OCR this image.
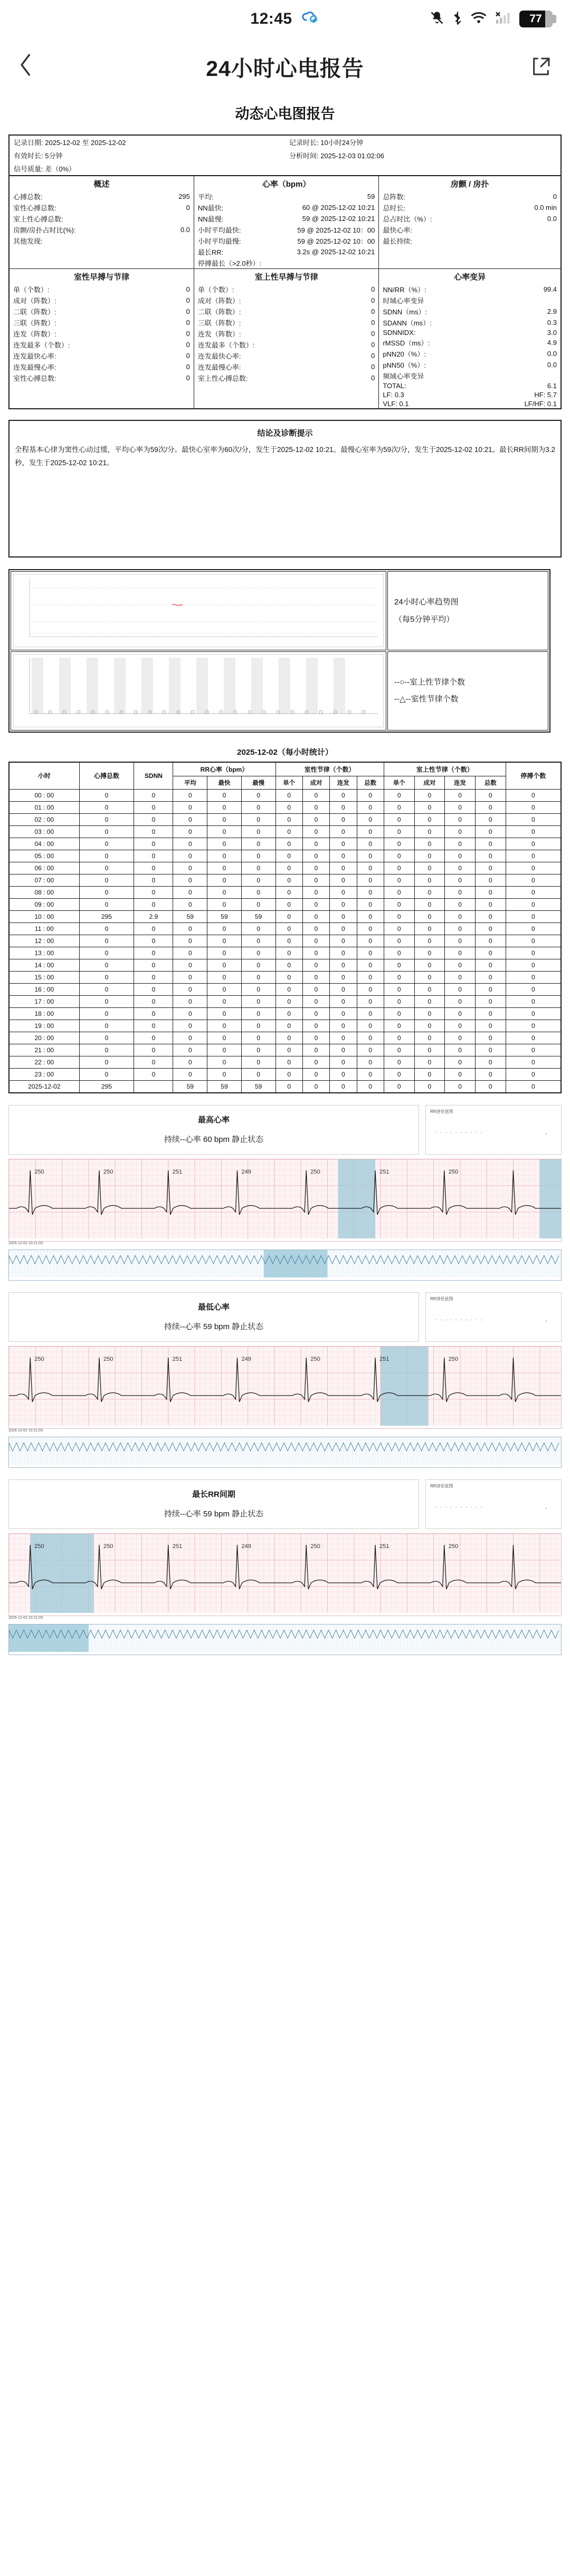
12:45	77
24小时心电报告
动态心电图报告
记录日期: 2025-12-02 至 2025-12-02	记录时长: 10小时24分钟
有效时长: 5分钟	分析时间: 2025-12-03 01:02:06
信号质量: 差（0%）	
概述
心搏总数:	295
室性心搏总数:	0
室上性心搏总数:	
房颤/房扑占时比(%):	0.0
其他发现:	

心率（bpm）
平均:	59
NN最快:	60 @ 2025-12-02 10:21
NN最慢:	59 @ 2025-12-02 10:21
小时平均最快:	59 @ 2025-12-02 10：00
小时平均最慢:	59 @ 2025-12-02 10：00
最长RR:	3.2s @ 2025-12-02 10:21
停搏最长（>2.0秒）:	

房颤 / 房扑
总阵数:	0
总时长:	0.0 min
总占时比（%）:	0.0
最快心率:	
最长持续:	

室性早搏与节律
单（个数）:	0
成对（阵数）:	0
二联（阵数）:	0
三联（阵数）:	0
连发（阵数）:	0
连发最多（个数）:	0
连发最快心率:	0
连发最慢心率:	0
室性心搏总数:	0

室上性早搏与节律
单（个数）:	0
成对（阵数）:	0
二联（阵数）:	0
三联（阵数）:	0
连发（阵数）:	0
连发最多（个数）:	0
连发最快心率:	0
连发最慢心率:	0
室上性心搏总数:	0

心率变异
NN/RR（%）:	99.4
时域心率变异	
SDNN（ms）:	2.9
SDANN（ms）:	0.3
SDNNIDX:	3.0
rMSSD（ms）:	4.9
pNN20（%）:	0.0
pNN50（%）:	0.0
频域心率变异	
TOTAL:	6.1
LF: 0.3	HF: 5.7
VLF: 0.1	LF/HF: 0.1
结论及诊断提示
全程基本心律为窦性心动过缓，平均心率为59次/分。最快心室率为60次/分，发生于2025-12-02 10:21。最慢心室率为59次/分，发生于2025-12-02 10:21。最长RR间期为3.2秒，发生于2025-12-02 10:21。

24小时心率趋势图
（每5分钟平均）

--○--室上性节律个数
--△--室性节律个数
2025-12-02（每小时统计）
小时	心搏总数	SDNN	RR心率（bpm）			室性节律（个数）				室上性节律（个数）				停搏个数
			平均	最快	最慢	单个	成对	连发	总数	单个	成对	连发	总数	
00 : 00	0	0	0	0	0	0	0	0	0	0	0	0	0	0
01 : 00	0	0	0	0	0	0	0	0	0	0	0	0	0	0
02 : 00	0	0	0	0	0	0	0	0	0	0	0	0	0	0
03 : 00	0	0	0	0	0	0	0	0	0	0	0	0	0	0
04 : 00	0	0	0	0	0	0	0	0	0	0	0	0	0	0
05 : 00	0	0	0	0	0	0	0	0	0	0	0	0	0	0
06 : 00	0	0	0	0	0	0	0	0	0	0	0	0	0	0
07 : 00	0	0	0	0	0	0	0	0	0	0	0	0	0	0
08 : 00	0	0	0	0	0	0	0	0	0	0	0	0	0	0
09 : 00	0	0	0	0	0	0	0	0	0	0	0	0	0	0
10 : 00	295	2.9	59	59	59	0	0	0	0	0	0	0	0	0
11 : 00	0	0	0	0	0	0	0	0	0	0	0	0	0	0
12 : 00	0	0	0	0	0	0	0	0	0	0	0	0	0	0
13 : 00	0	0	0	0	0	0	0	0	0	0	0	0	0	0
14 : 00	0	0	0	0	0	0	0	0	0	0	0	0	0	0
15 : 00	0	0	0	0	0	0	0	0	0	0	0	0	0	0
16 : 00	0	0	0	0	0	0	0	0	0	0	0	0	0	0
17 : 00	0	0	0	0	0	0	0	0	0	0	0	0	0	0
18 : 00	0	0	0	0	0	0	0	0	0	0	0	0	0	0
19 : 00	0	0	0	0	0	0	0	0	0	0	0	0	0	0
20 : 00	0	0	0	0	0	0	0	0	0	0	0	0	0	0
21 : 00	0	0	0	0	0	0	0	0	0	0	0	0	0	0
22 : 00	0	0	0	0	0	0	0	0	0	0	0	0	0	0
23 : 00	0	0	0	0	0	0	0	0	0	0	0	0	0	0
2025-12-02	295		59	59	59	0	0	0	0	0	0	0	0	0
最高心率
持续--心率 60 bpm 静止状态
RR洛伦兹图
..........	·
250	250	251	249	250	251	250
2025-12-02 10:21:03
最低心率
持续--心率 59 bpm 静止状态
RR洛伦兹图
..........	·
250	250	251	249	250	251	250
2025-12-02 10:21:03
最长RR间期
持续--心率 59 bpm 静止状态
RR洛伦兹图
..........	·
250	250	251	249	250	251	250
2025-12-02 10:21:03
